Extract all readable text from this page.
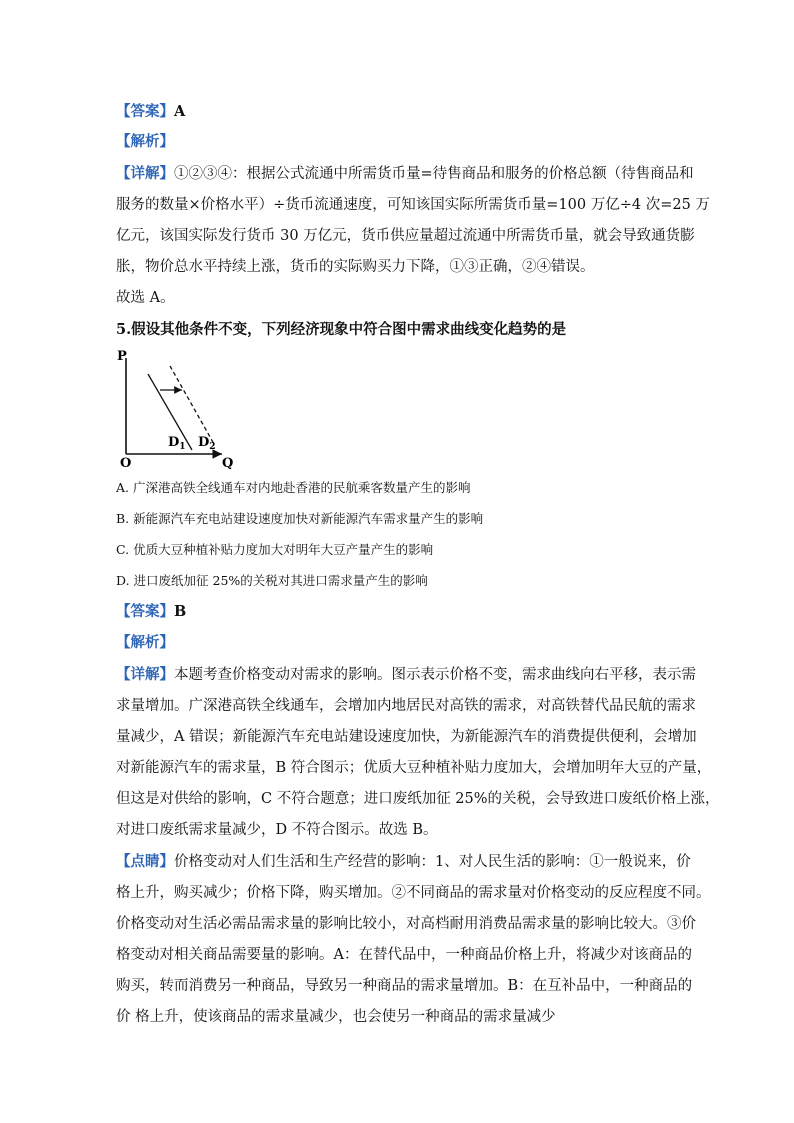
【答案】A
【解析】
【详解】①②③④：根据公式流通中所需货币量=待售商品和服务的价格总额（待售商品和
服务的数量×价格水平）÷货币流通速度，可知该国实际所需货币量=100 万亿÷4 次=25 万
亿元，该国实际发行货币 30 万亿元，货币供应量超过流通中所需货币量，就会导致通货膨
胀，物价总水平持续上涨，货币的实际购买力下降，①③正确，②④错误。
故选 A。
5.假设其他条件不变，下列经济现象中符合图中需求曲线变化趋势的是
P
Q
O
$D_1$ $D_2$
A. 广深港高铁全线通车对内地赴香港的民航乘客数量产生的影响
B. 新能源汽车充电站建设速度加快对新能源汽车需求量产生的影响
C. 优质大豆种植补贴力度加大对明年大豆产量产生的影响
D. 进口废纸加征 25%的关税对其进口需求量产生的影响
【答案】B
【解析】
【详解】本题考查价格变动对需求的影响。图示表示价格不变，需求曲线向右平移，表示需
求量增加。广深港高铁全线通车，会增加内地居民对高铁的需求，对高铁替代品民航的需求
量减少，A 错误；新能源汽车充电站建设速度加快，为新能源汽车的消费提供便利，会增加
对新能源汽车的需求量，B 符合图示；优质大豆种植补贴力度加大，会增加明年大豆的产量，
但这是对供给的影响，C 不符合题意；进口废纸加征 25%的关税，会导致进口废纸价格上涨，
对进口废纸需求量减少，D 不符合图示。故选 B。
【点睛】价格变动对人们生活和生产经营的影响：1、对人民生活的影响：①一般说来，价
格上升，购买减少；价格下降，购买增加。②不同商品的需求量对价格变动的反应程度不同。
价格变动对生活必需品需求量的影响比较小，对高档耐用消费品需求量的影响比较大。③价
格变动对相关商品需要量的影响。A：在替代品中，一种商品价格上升，将减少对该商品的
购买，转而消费另一种商品，导致另一种商品的需求量增加。B：在互补品中，一种商品的
价 格上升，使该商品的需求量减少，也会使另一种商品的需求量减少
